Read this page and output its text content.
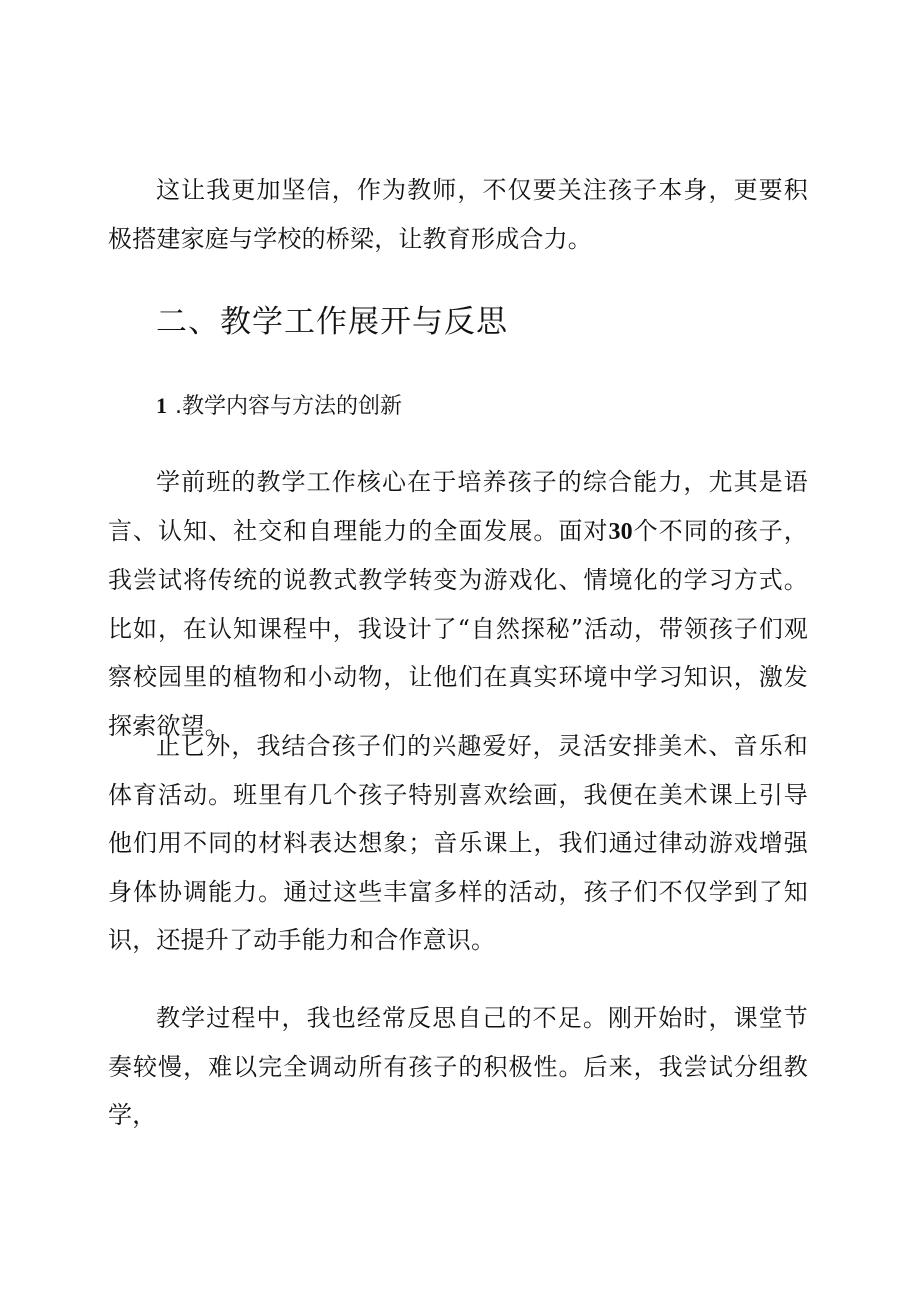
这让我更加坚信，作为教师，不仅要关注孩子本身，更要积极搭建家庭与学校的桥梁，让教育形成合力。

二、教学工作展开与反思
1 .教学内容与方法的创新

学前班的教学工作核心在于培养孩子的综合能力，尤其是语言、认知、社交和自理能力的全面发展。面对30个不同的孩子，我尝试将传统的说教式教学转变为游戏化、情境化的学习方式。比如，在认知课程中，我设计了“自然探秘”活动，带领孩子们观察校园里的植物和小动物，让他们在真实环境中学习知识，激发探索欲望。

止匕外，我结合孩子们的兴趣爱好，灵活安排美术、音乐和体育活动。班里有几个孩子特别喜欢绘画，我便在美术课上引导他们用不同的材料表达想象；音乐课上，我们通过律动游戏增强身体协调能力。通过这些丰富多样的活动，孩子们不仅学到了知识，还提升了动手能力和合作意识。

教学过程中，我也经常反思自己的不足。刚开始时，课堂节奏较慢，难以完全调动所有孩子的积极性。后来，我尝试分组教学，
